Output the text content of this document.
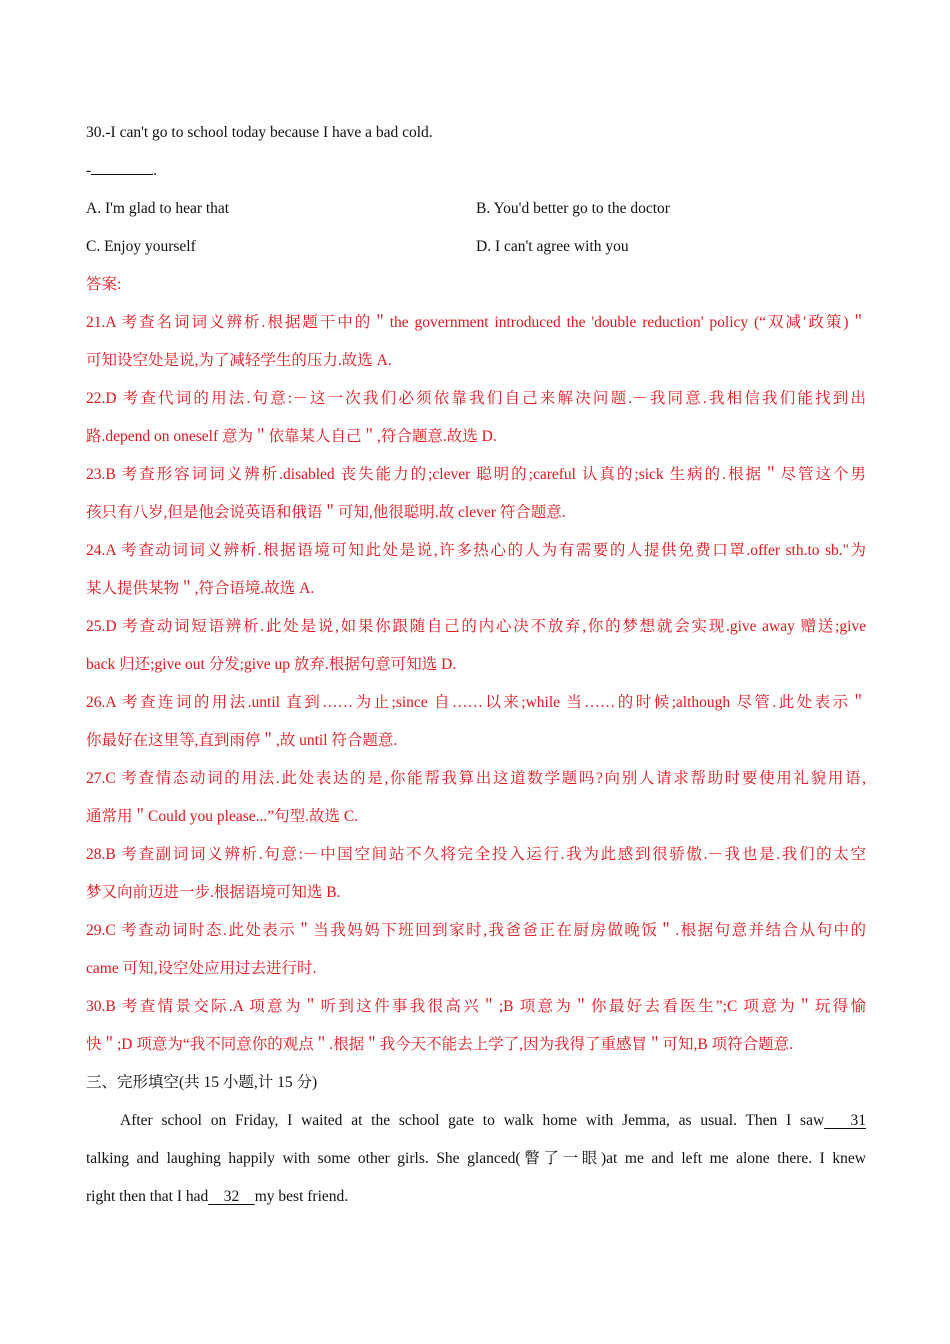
30.-I can't go to school today because I have a bad cold.
-	.
A. I'm glad to hear that	B. You'd better go to the doctor
C. Enjoy yourself	D. I can't agree with you
答案:
21.A 考查名词词义辨析.根据题干中的＂the government introduced the 'double reduction' policy (“双减′政策)＂
可知设空处是说,为了减轻学生的压力.故选 A.
22.D 考查代词的用法.句意:－这一次我们必须依靠我们自己来解决问题.－我同意.我相信我们能找到出
路.depend on oneself 意为＂依靠某人自己＂,符合题意.故选 D.
23.B 考查形容词词义辨析.disabled 丧失能力的;clever 聪明的;careful 认真的;sick 生病的.根据＂尽管这个男
孩只有八岁,但是他会说英语和俄语＂可知,他很聪明.故 clever 符合题意.
24.A 考查动词词义辨析.根据语境可知此处是说,许多热心的人为有需要的人提供免费口罩.offer sth.to sb."为
某人提供某物＂,符合语境.故选 A.
25.D 考查动词短语辨析.此处是说,如果你跟随自己的内心决不放弃,你的梦想就会实现.give away 赠送;give
back 归还;give out 分发;give up 放弃.根据句意可知选 D.
26.A 考查连词的用法.until 直到……为止;since 自……以来;while 当……的时候;although 尽管.此处表示＂
你最好在这里等,直到雨停＂,故 until 符合题意.
27.C 考查情态动词的用法.此处表达的是,你能帮我算出这道数学题吗?向别人请求帮助时要使用礼貌用语,
通常用＂Could you please...”句型.故选 C.
28.B 考查副词词义辨析.句意:－中国空间站不久将完全投入运行.我为此感到很骄傲.－我也是.我们的太空
梦又向前迈进一步.根据语境可知选 B.
29.C 考查动词时态.此处表示＂当我妈妈下班回到家时,我爸爸正在厨房做晚饭＂.根据句意并结合从句中的
came 可知,设空处应用过去进行时.
30.B 考查情景交际.A 项意为＂听到这件事我很高兴＂;B 项意为＂你最好去看医生”;C 项意为＂玩得愉
快＂;D 项意为“我不同意你的观点＂.根据＂我今天不能去上学了,因为我得了重感冒＂可知,B 项符合题意.
三、完形填空(共 15 小题,计 15 分)
After school on Friday, I waited at the school gate to walk home with Jemma, as usual. Then I saw 31
talking and laughing happily with some other girls. She glanced(瞥了一眼)at me and left me alone there. I knew
right then that I had 32 my best friend.
